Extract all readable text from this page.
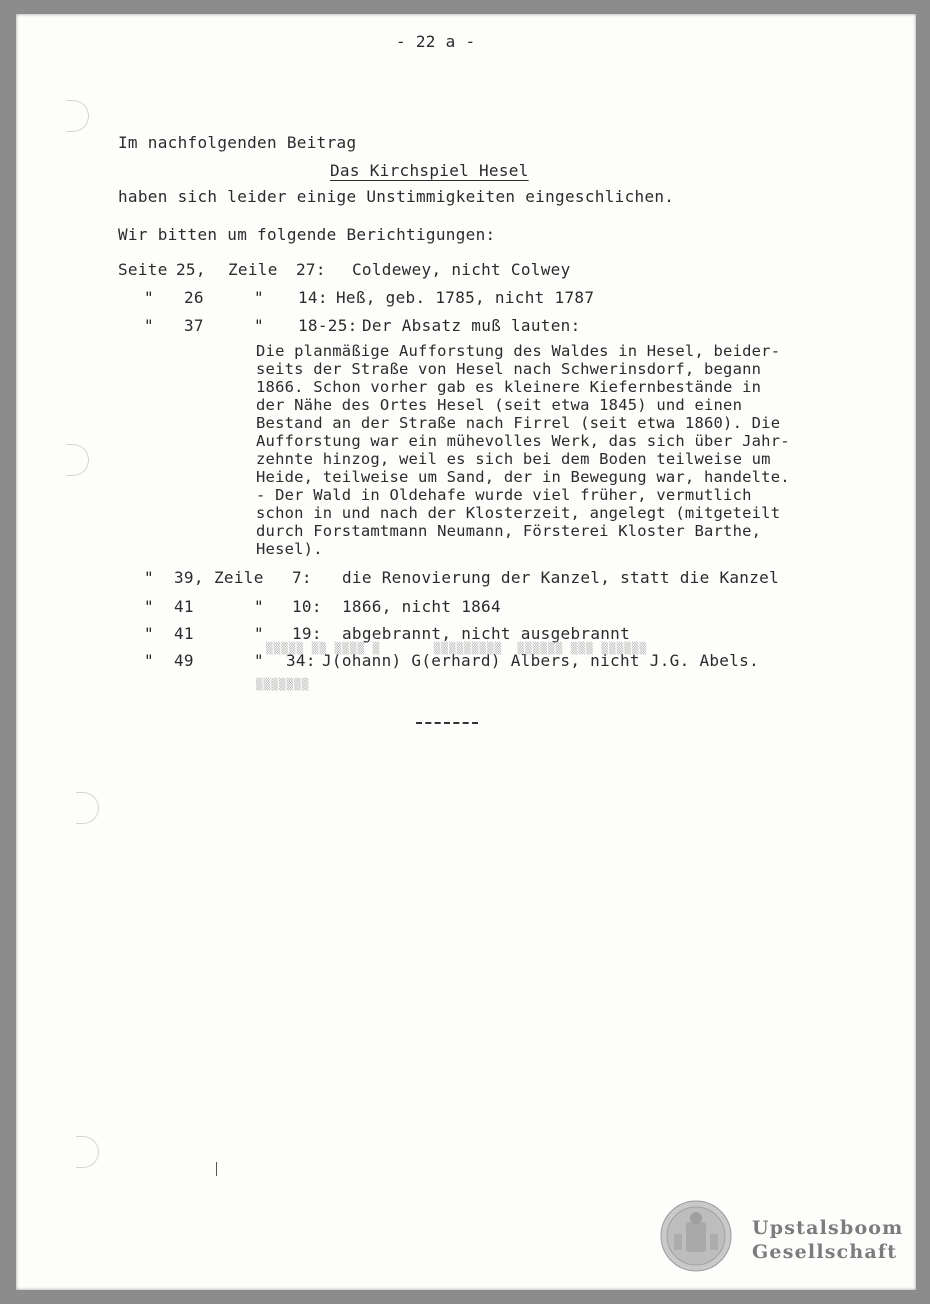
- 22 a -
Im nachfolgenden Beitrag
Das Kirchspiel Hesel
haben sich leider einige Unstimmigkeiten eingeschlichen.
Wir bitten um folgende Berichtigungen:
Seite 25, Zeile 27: Coldewey, nicht Colwey
" 26	" 14: Heß, geb. 1785, nicht 1787
" 37	" 18-25: Der Absatz muß lauten:
Die planmäßige Aufforstung des Waldes in Hesel, beider-
seits der Straße von Hesel nach Schwerinsdorf, begann
1866. Schon vorher gab es kleinere Kiefernbestände in
der Nähe des Ortes Hesel (seit etwa 1845) und einen
Bestand an der Straße nach Firrel (seit etwa 1860). Die
Aufforstung war ein mühevolles Werk, das sich über Jahr-
zehnte hinzog, weil es sich bei dem Boden teilweise um
Heide, teilweise um Sand, der in Bewegung war, handelte.
- Der Wald in Oldehafe wurde viel früher, vermutlich
schon in und nach der Klosterzeit, angelegt (mitgeteilt
durch Forstamtmann Neumann, Försterei Kloster Barthe,
Hesel).
" 39, Zeile 7: die Renovierung der Kanzel, statt die Kanzel
" 41	" 10: 1866, nicht 1864
" 41	" 19: abgebrannt, nicht ausgebrannt
" 49	" 34: J(ohann) G(erhard) Albers, nicht J.G. Abels.
▒▒▒▒▒ ▒▒ ▒▒▒▒ ▒       ▒▒▒▒▒▒▒▒▒  ▒▒▒▒▒▒ ▒▒▒ ▒▒▒▒▒▒
▒▒▒▒▒▒▒
Upstalsboom
Gesellschaft
